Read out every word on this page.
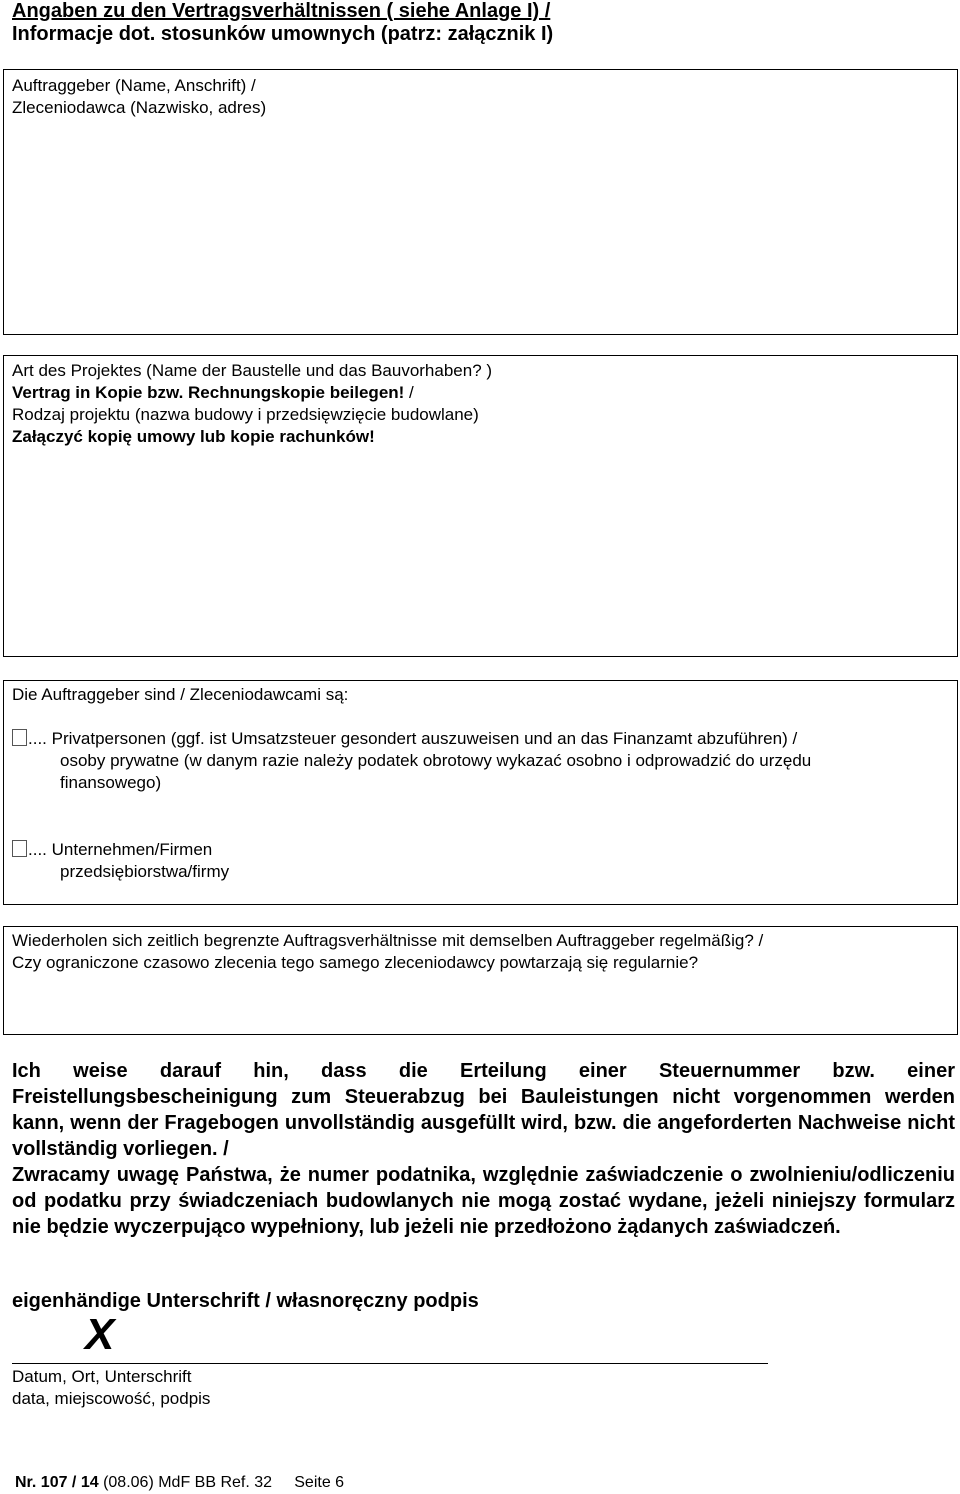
Angaben zu den Vertragsverhältnissen ( siehe Anlage I) /
Informacje dot. stosunków umownych (patrz: załącznik I)
Auftraggeber (Name, Anschrift) /
Zleceniodawca (Nazwisko, adres)
Art des Projektes (Name der Baustelle und das Bauvorhaben? )
Vertrag in Kopie bzw. Rechnungskopie beilegen! /
Rodzaj projektu (nazwa budowy i przedsięwzięcie budowlane)
Załączyć kopię umowy lub kopie rachunków!
Die Auftraggeber sind / Zleceniodawcami są:
.... Privatpersonen (ggf. ist Umsatzsteuer gesondert auszuweisen und an das Finanzamt abzuführen) /
osoby prywatne (w danym razie należy podatek obrotowy wykazać osobno i odprowadzić do urzędu
finansowego)
.... Unternehmen/Firmen
przedsiębiorstwa/firmy
Wiederholen sich zeitlich begrenzte Auftragsverhältnisse mit demselben Auftraggeber regelmäßig? /
Czy ograniczone czasowo zlecenia tego samego zleceniodawcy powtarzają się regularnie?

Ich weise darauf hin, dass die Erteilung einer Steuernummer bzw. einer Freistellungsbescheinigung zum Steuerabzug bei Bauleistungen nicht vorgenommen werden kann, wenn der Fragebogen unvollständig ausgefüllt wird, bzw. die angeforderten Nachweise nicht vollständig vorliegen. /

Zwracamy uwagę Państwa, że numer podatnika, względnie zaświadczenie o zwolnieniu/odliczeniu od podatku przy świadczeniach budowlanych nie mogą zostać wydane, jeżeli niniejszy formularz nie będzie wyczerpująco wypełniony, lub jeżeli nie przedłożono żądanych zaświadczeń.

eigenhändige Unterschrift / własnoręczny podpis
X
Datum, Ort, Unterschrift
data, miejscowość, podpis
Nr. 107 / 14 (08.06) MdF BB Ref. 32     Seite 6
